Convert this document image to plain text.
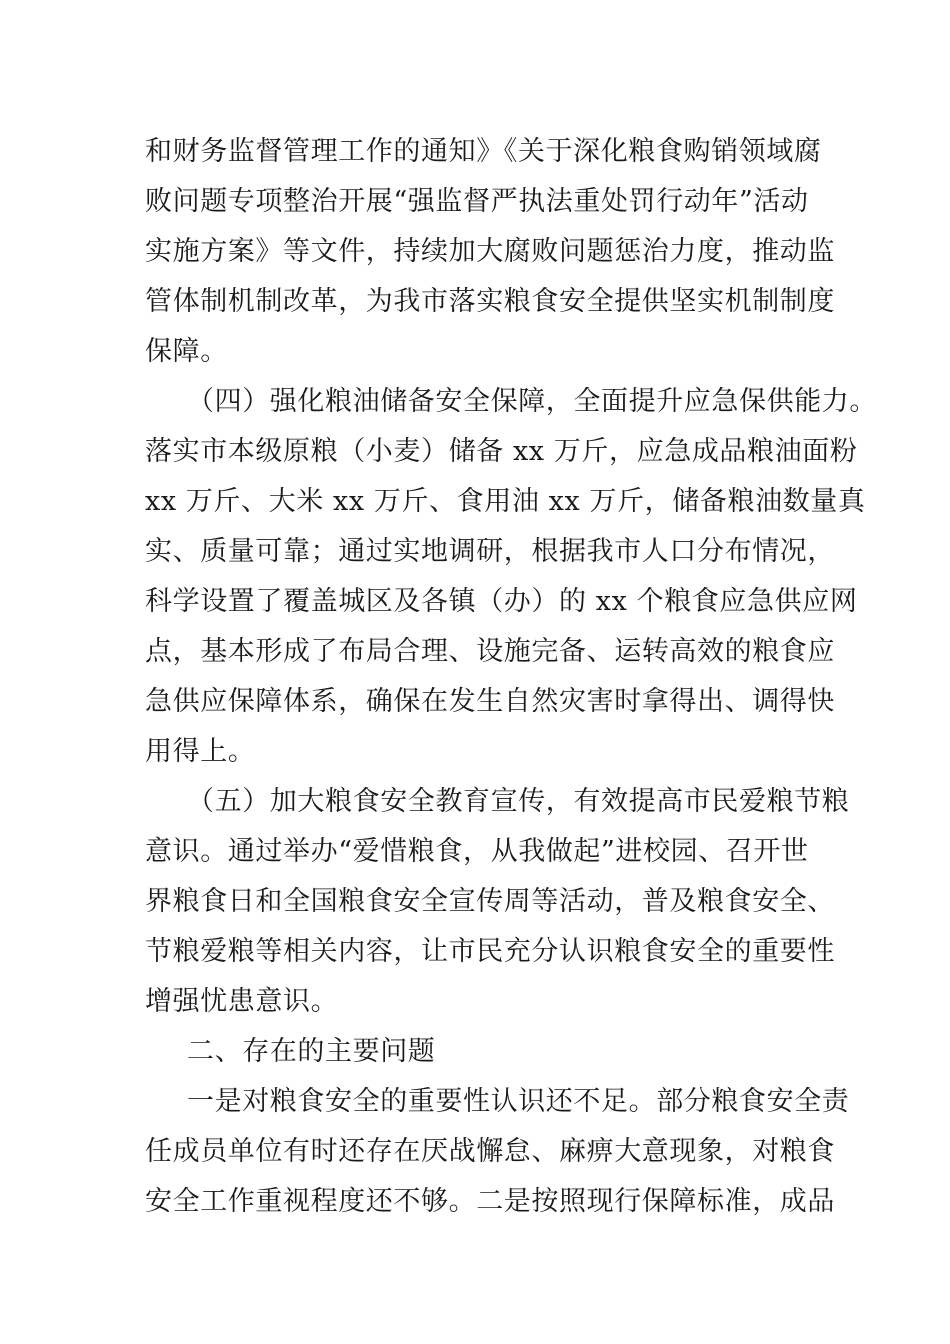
和财务监督管理工作的通知》《关于深化粮食购销领域腐
败问题专项整治开展“强监督严执法重处罚行动年”活动
实施方案》等文件，持续加大腐败问题惩治力度，推动监
管体制机制改革，为我市落实粮食安全提供坚实机制制度
保障。
（四）强化粮油储备安全保障，全面提升应急保供能力。
落实市本级原粮（小麦）储备 xx 万斤，应急成品粮油面粉
xx 万斤、大米 xx 万斤、食用油 xx 万斤，储备粮油数量真
实、质量可靠；通过实地调研，根据我市人口分布情况，
科学设置了覆盖城区及各镇（办）的 xx 个粮食应急供应网
点，基本形成了布局合理、设施完备、运转高效的粮食应
急供应保障体系，确保在发生自然灾害时拿得出、调得快
用得上。
（五）加大粮食安全教育宣传，有效提高市民爱粮节粮
意识。通过举办“爱惜粮食，从我做起”进校园、召开世
界粮食日和全国粮食安全宣传周等活动，普及粮食安全、
节粮爱粮等相关内容，让市民充分认识粮食安全的重要性
增强忧患意识。
二、存在的主要问题
一是对粮食安全的重要性认识还不足。部分粮食安全责
任成员单位有时还存在厌战懈怠、麻痹大意现象，对粮食
安全工作重视程度还不够。二是按照现行保障标准，成品
